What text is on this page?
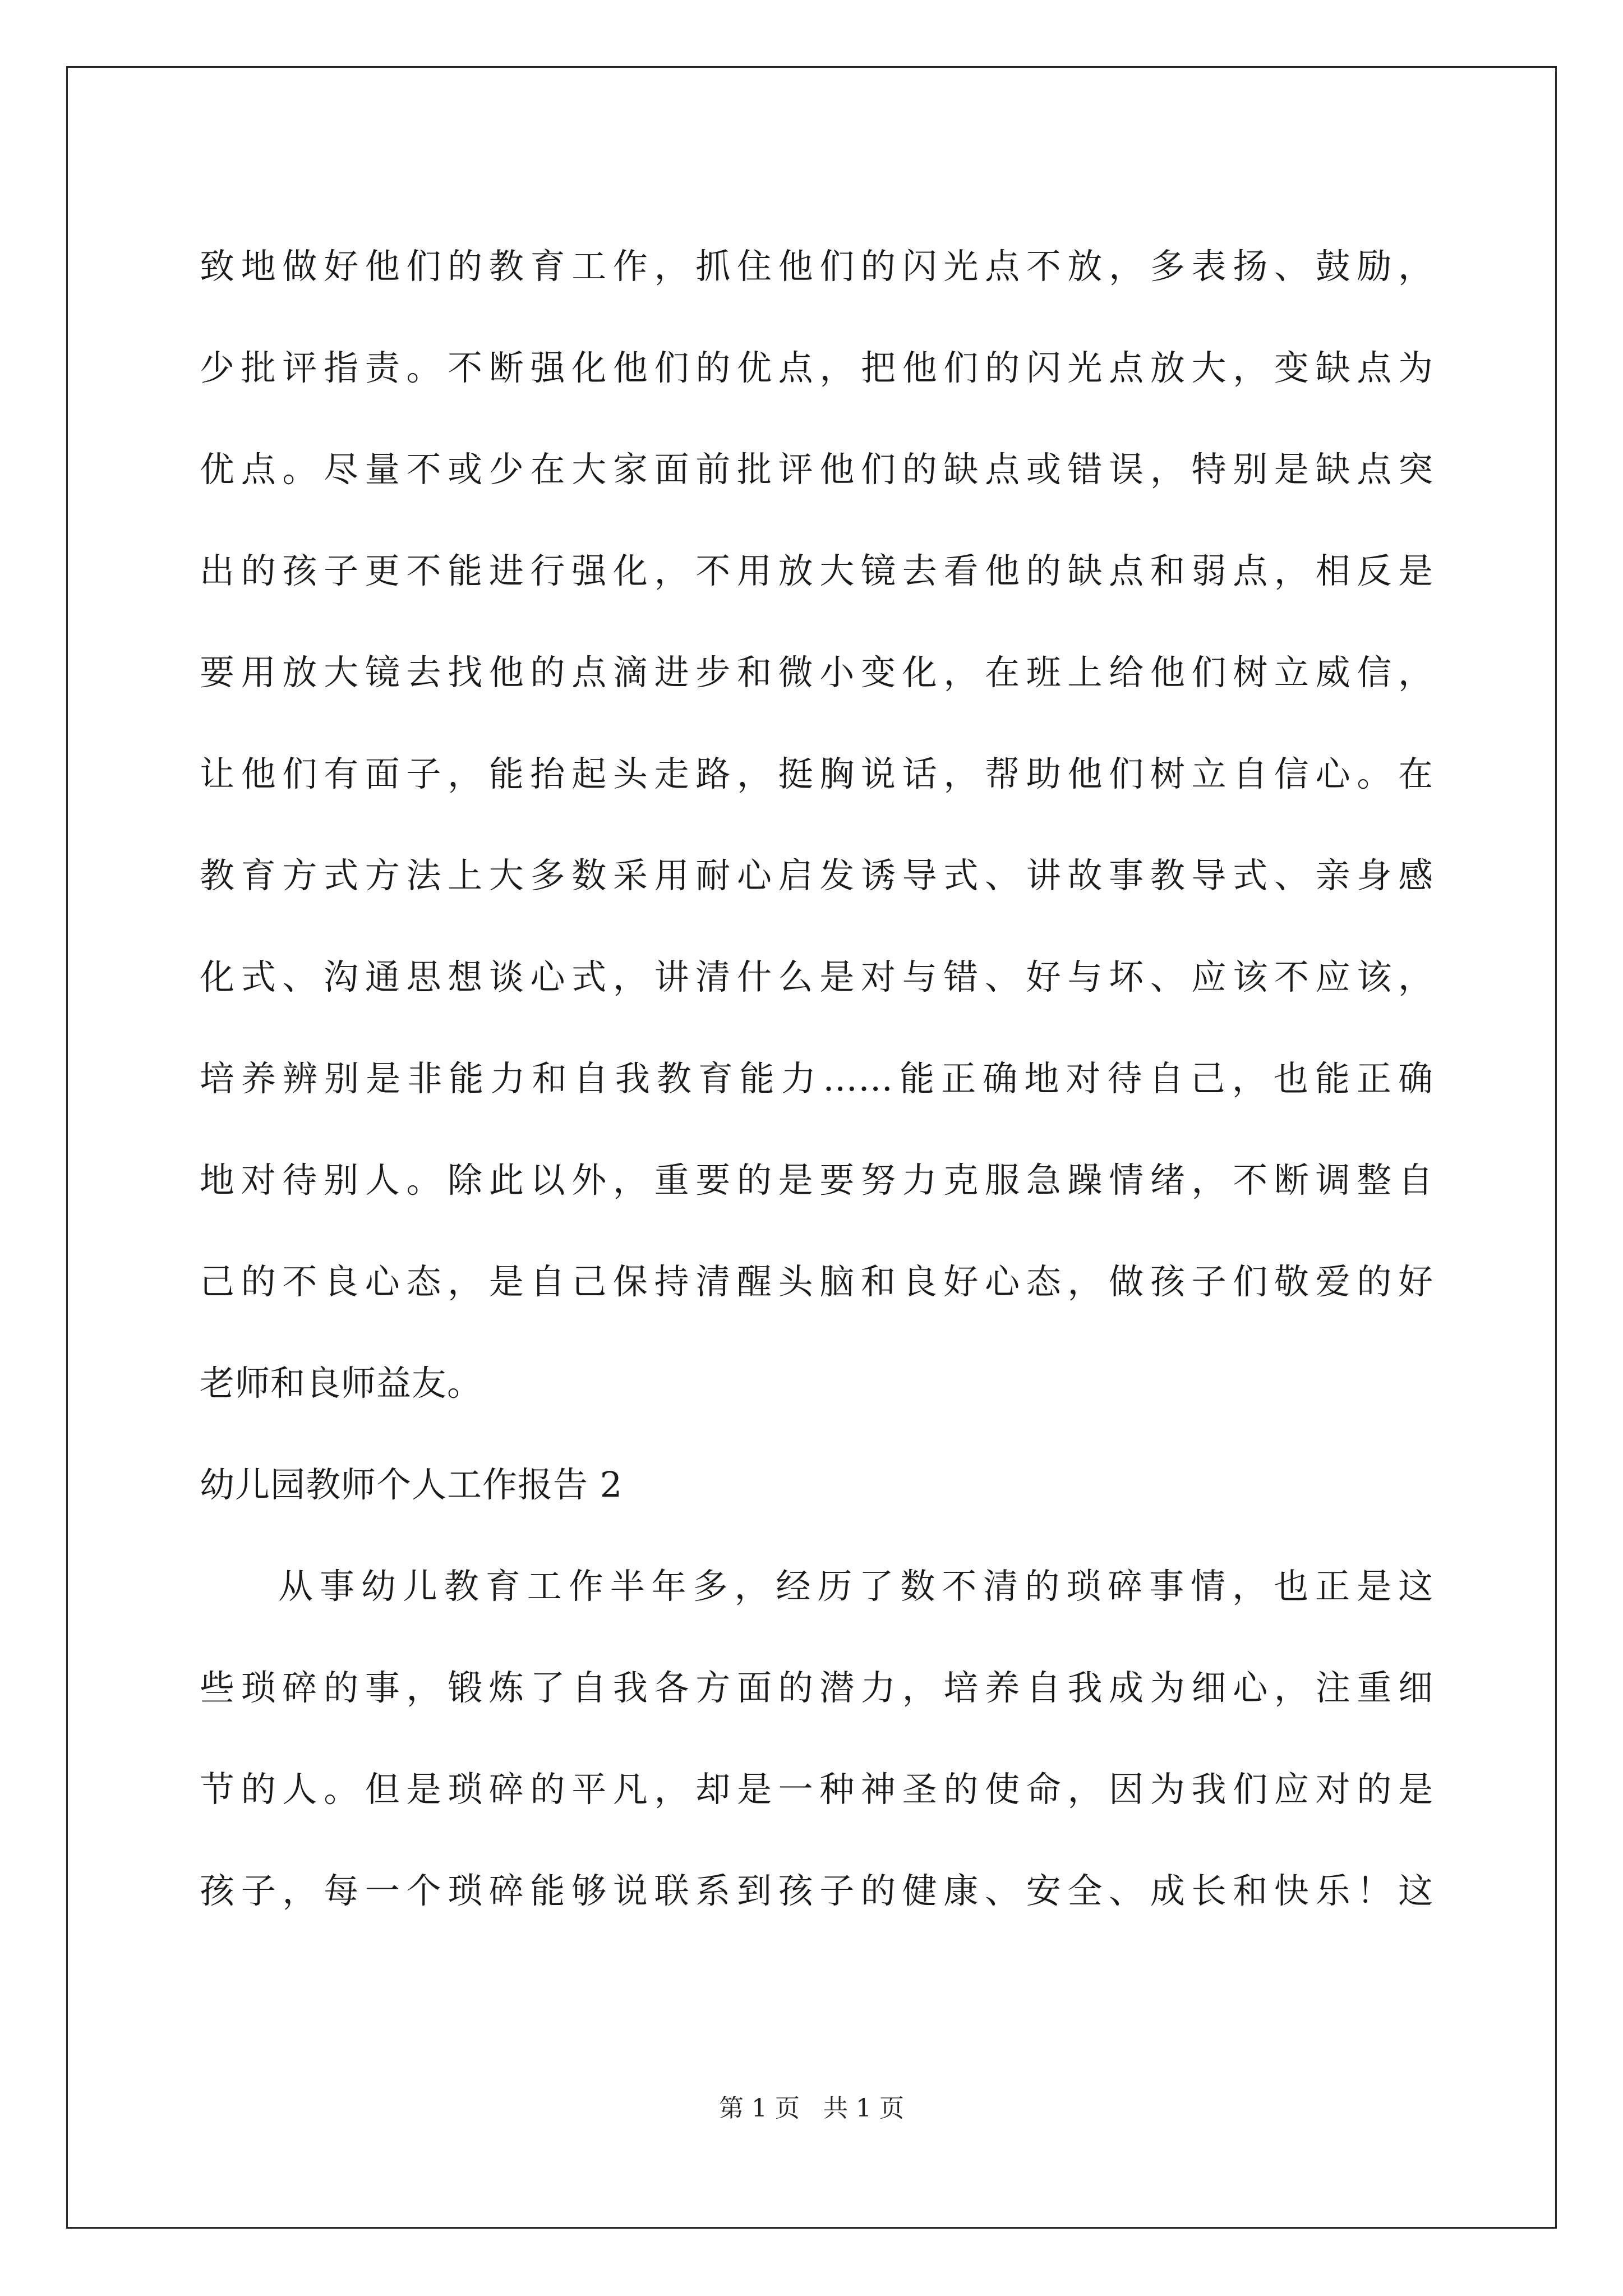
致地做好他们的教育工作，抓住他们的闪光点不放，多表扬、鼓励，
少批评指责。不断强化他们的优点，把他们的闪光点放大，变缺点为
优点。尽量不或少在大家面前批评他们的缺点或错误，特别是缺点突
出的孩子更不能进行强化，不用放大镜去看他的缺点和弱点，相反是
要用放大镜去找他的点滴进步和微小变化，在班上给他们树立威信，
让他们有面子，能抬起头走路，挺胸说话，帮助他们树立自信心。在
教育方式方法上大多数采用耐心启发诱导式、讲故事教导式、亲身感
化式、沟通思想谈心式，讲清什么是对与错、好与坏、应该不应该，
培养辨别是非能力和自我教育能力……能正确地对待自己，也能正确
地对待别人。除此以外，重要的是要努力克服急躁情绪，不断调整自
己的不良心态，是自己保持清醒头脑和良好心态，做孩子们敬爱的好
老师和良师益友。
幼儿园教师个人工作报告 2
从事幼儿教育工作半年多，经历了数不清的琐碎事情，也正是这
些琐碎的事，锻炼了自我各方面的潜力，培养自我成为细心，注重细
节的人。但是琐碎的平凡，却是一种神圣的使命，因为我们应对的是
孩子，每一个琐碎能够说联系到孩子的健康、安全、成长和快乐！这
第 1 页   共 1 页
